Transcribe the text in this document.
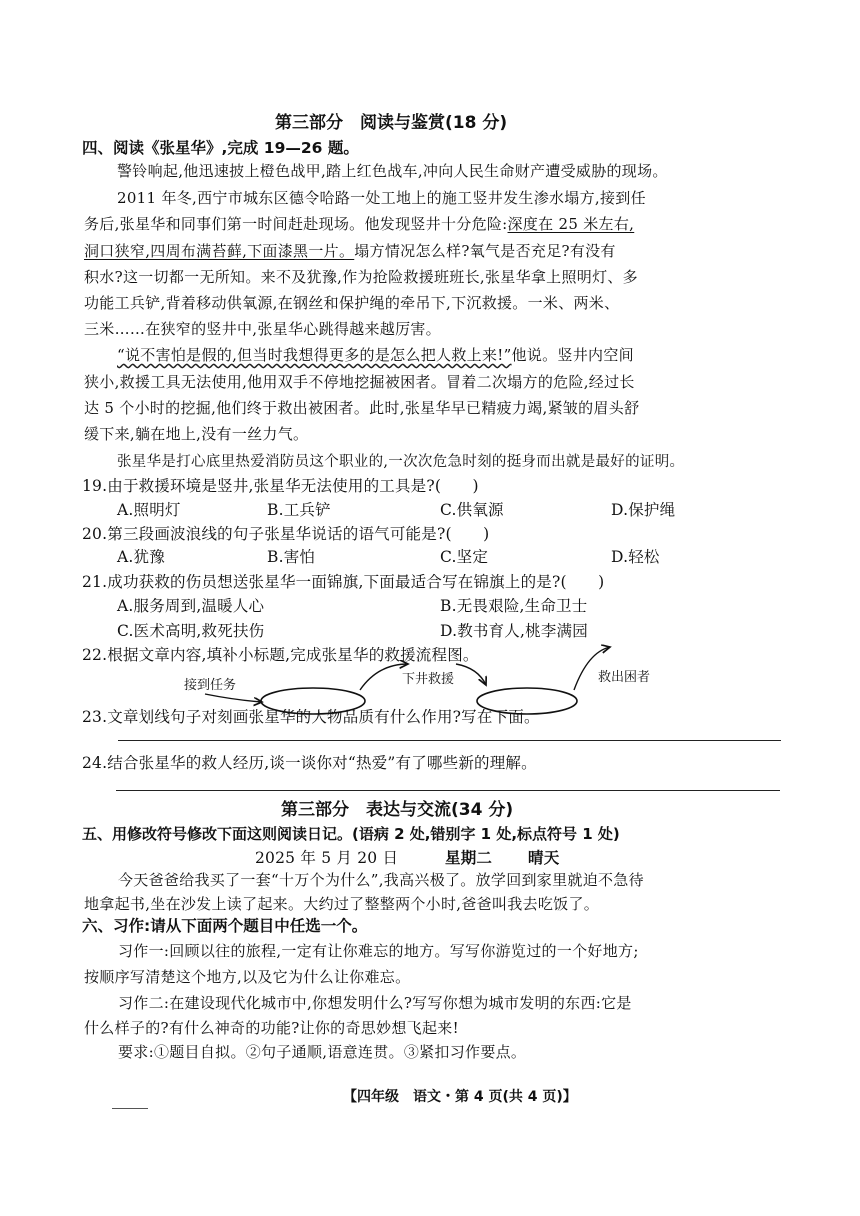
第三部分　阅读与鉴赏(18 分)
四、阅读《张星华》,完成 19—26 题。
警铃响起,他迅速披上橙色战甲,踏上红色战车,冲向人民生命财产遭受威胁的现场。
2011 年冬,西宁市城东区德令哈路一处工地上的施工竖井发生渗水塌方,接到任
务后,张星华和同事们第一时间赶赴现场。他发现竖井十分危险:深度在 25 米左右,
洞口狭窄,四周布满苔藓,下面漆黑一片。塌方情况怎么样?氧气是否充足?有没有
积水?这一切都一无所知。来不及犹豫,作为抢险救援班班长,张星华拿上照明灯、多
功能工兵铲,背着移动供氧源,在钢丝和保护绳的牵吊下,下沉救援。一米、两米、
三米……在狭窄的竖井中,张星华心跳得越来越厉害。
“说不害怕是假的,但当时我想得更多的是怎么把人救上来!”他说。竖井内空间
狭小,救援工具无法使用,他用双手不停地挖掘被困者。冒着二次塌方的危险,经过长
达 5 个小时的挖掘,他们终于救出被困者。此时,张星华早已精疲力竭,紧皱的眉头舒
缓下来,躺在地上,没有一丝力气。
张星华是打心底里热爱消防员这个职业的,一次次危急时刻的挺身而出就是最好的证明。
19.由于救援环境是竖井,张星华无法使用的工具是?(　　)
A.照明灯	B.工兵铲	C.供氧源	D.保护绳
20.第三段画波浪线的句子张星华说话的语气可能是?(　　)
A.犹豫	B.害怕	C.坚定	D.轻松
21.成功获救的伤员想送张星华一面锦旗,下面最适合写在锦旗上的是?(　　)
A.服务周到,温暖人心	B.无畏艰险,生命卫士
C.医术高明,救死扶伤	D.教书育人,桃李满园
22.根据文章内容,填补小标题,完成张星华的救援流程图。
接到任务	下井救援	救出困者
23.文章划线句子对刻画张星华的人物品质有什么作用?写在下面。
24.结合张星华的救人经历,谈一谈你对“热爱”有了哪些新的理解。
第三部分　表达与交流(34 分)
五、用修改符号修改下面这则阅读日记。(语病 2 处,错别字 1 处,标点符号 1 处)
2025 年 5 月 20 日	星期二 晴天
今天爸爸给我买了一套“十万个为什么”,我高兴极了。放学回到家里就迫不急待
地拿起书,坐在沙发上读了起来。大约过了整整两个小时,爸爸叫我去吃饭了。
六、习作:请从下面两个题目中任选一个。
习作一:回顾以往的旅程,一定有让你难忘的地方。写写你游览过的一个好地方;
按顺序写清楚这个地方,以及它为什么让你难忘。
习作二:在建设现代化城市中,你想发明什么?写写你想为城市发明的东西:它是
什么样子的?有什么神奇的功能?让你的奇思妙想飞起来!
要求:①题目自拟。②句子通顺,语意连贯。③紧扣习作要点。
【四年级　语文・第 4 页(共 4 页)】
